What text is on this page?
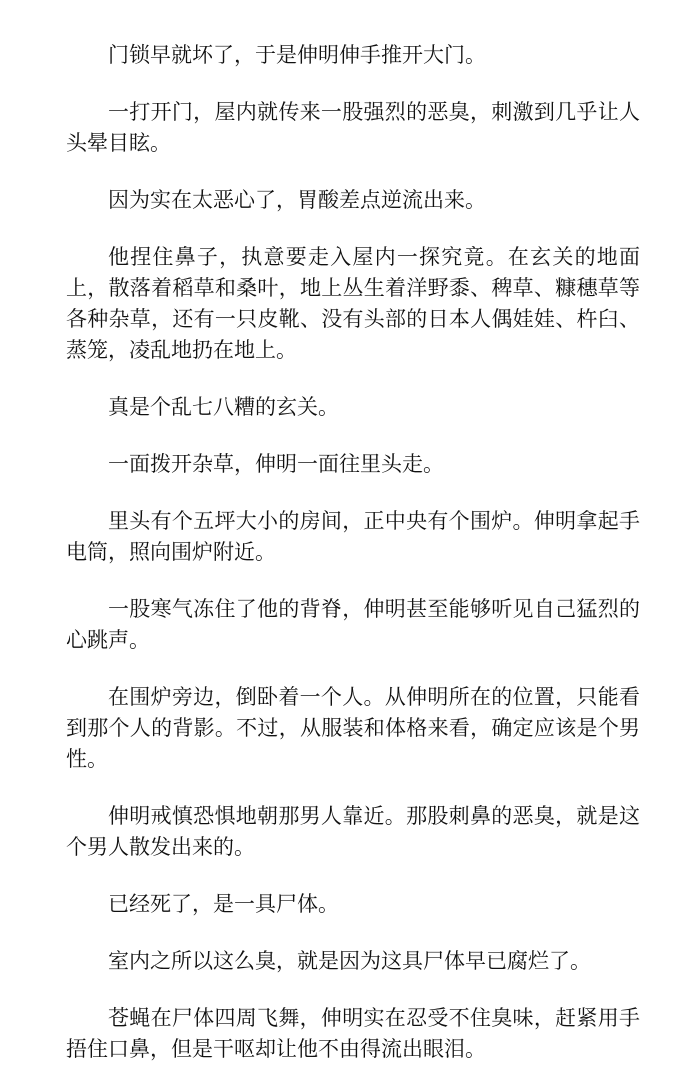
门锁早就坏了，于是伸明伸手推开大门。

一打开门，屋内就传来一股强烈的恶臭，刺激到几乎让人头晕目眩。

因为实在太恶心了，胃酸差点逆流出来。

他捏住鼻子，执意要走入屋内一探究竟。在玄关的地面上，散落着稻草和桑叶，地上丛生着洋野黍、稗草、糠穗草等各种杂草，还有一只皮靴、没有头部的日本人偶娃娃、杵臼、蒸笼，凌乱地扔在地上。

真是个乱七八糟的玄关。

一面拨开杂草，伸明一面往里头走。

里头有个五坪大小的房间，正中央有个围炉。伸明拿起手电筒，照向围炉附近。

一股寒气冻住了他的背脊，伸明甚至能够听见自己猛烈的心跳声。

在围炉旁边，倒卧着一个人。从伸明所在的位置，只能看到那个人的背影。不过，从服装和体格来看，确定应该是个男性。

伸明戒慎恐惧地朝那男人靠近。那股刺鼻的恶臭，就是这个男人散发出来的。

已经死了，是一具尸体。

室内之所以这么臭，就是因为这具尸体早已腐烂了。

苍蝇在尸体四周飞舞，伸明实在忍受不住臭味，赶紧用手捂住口鼻，但是干呕却让他不由得流出眼泪。
